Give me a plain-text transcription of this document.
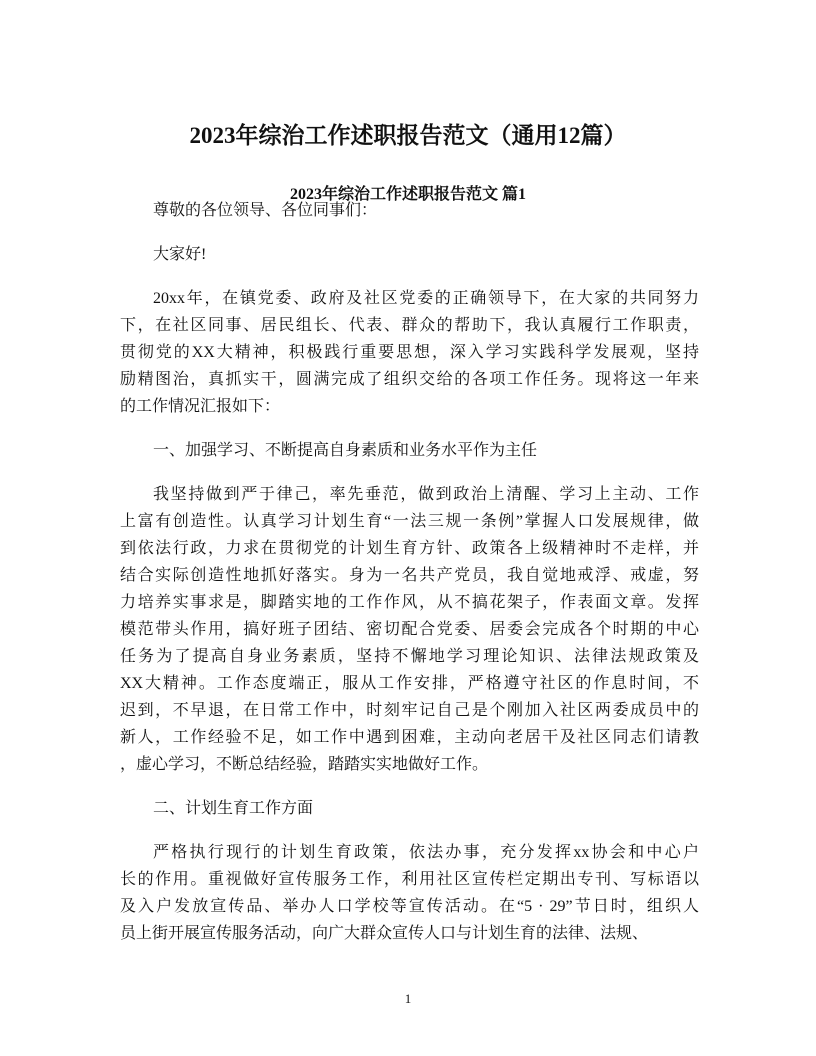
2023年综治工作述职报告范文（通用12篇）
2023年综治工作述职报告范文 篇1
尊敬的各位领导、各位同事们：
大家好!
20xx年，在镇党委、政府及社区党委的正确领导下，在大家的共同努力
下，在社区同事、居民组长、代表、群众的帮助下，我认真履行工作职责，
贯彻党的XX大精神，积极践行重要思想，深入学习实践科学发展观，坚持
励精图治，真抓实干，圆满完成了组织交给的各项工作任务。现将这一年来
的工作情况汇报如下：
一、加强学习、不断提高自身素质和业务水平作为主任
我坚持做到严于律己，率先垂范，做到政治上清醒、学习上主动、工作
上富有创造性。认真学习计划生育“一法三规一条例”掌握人口发展规律，做
到依法行政，力求在贯彻党的计划生育方针、政策各上级精神时不走样，并
结合实际创造性地抓好落实。身为一名共产党员，我自觉地戒浮、戒虚，努
力培养实事求是，脚踏实地的工作作风，从不搞花架子，作表面文章。发挥
模范带头作用，搞好班子团结、密切配合党委、居委会完成各个时期的中心
任务为了提高自身业务素质，坚持不懈地学习理论知识、法律法规政策及
XX大精神。工作态度端正，服从工作安排，严格遵守社区的作息时间，不
迟到，不早退，在日常工作中，时刻牢记自己是个刚加入社区两委成员中的
新人，工作经验不足，如工作中遇到困难，主动向老居干及社区同志们请教
，虚心学习，不断总结经验，踏踏实实地做好工作。
二、计划生育工作方面
严格执行现行的计划生育政策，依法办事，充分发挥xx协会和中心户
长的作用。重视做好宣传服务工作，利用社区宣传栏定期出专刊、写标语以
及入户发放宣传品、举办人口学校等宣传活动。在“5 · 29”节日时，组织人
员上街开展宣传服务活动，向广大群众宣传人口与计划生育的法律、法规、
1
